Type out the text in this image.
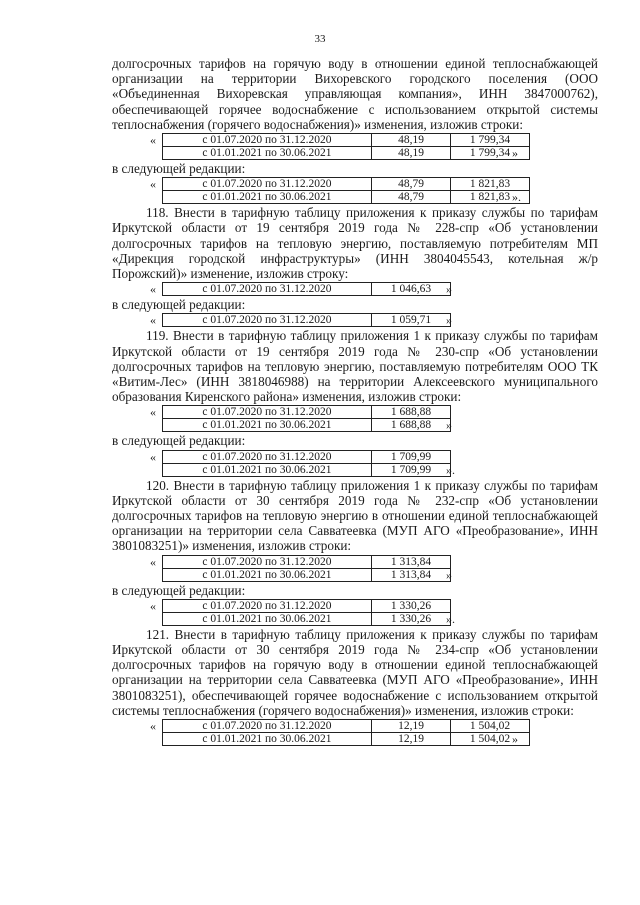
33

долгосрочных тарифов на горячую воду в отношении единой теплоснабжающей организации на территории Вихоревского городского поселения (ООО «Объединенная Вихоревская управляющая компания», ИНН 3847000762), обеспечивающей горячее водоснабжение с использованием открытой системы теплоснабжения (горячего водоснабжения)» изменения, изложив строки:

«	с 01.07.2020 по 31.12.2020	48,19	1 799,34
с 01.01.2021 по 30.06.2021	48,19	1 799,34 »

в следующей редакции:

«	с 01.07.2020 по 31.12.2020	48,79	1 821,83
с 01.01.2021 по 30.06.2021	48,79	1 821,83 ».

118. Внести в тарифную таблицу приложения к приказу службы по тарифам Иркутской области от 19 сентября 2019 года № 228-спр «Об установлении долгосрочных тарифов на тепловую энергию, поставляемую потребителям МП «Дирекция городской инфраструктуры» (ИНН 3804045543, котельная ж/р Порожский)» изменение, изложив строку:

«	с 01.07.2020 по 31.12.2020	1 046,63 »

в следующей редакции:

«	с 01.07.2020 по 31.12.2020	1 059,71 »

119. Внести в тарифную таблицу приложения 1 к приказу службы по тарифам Иркутской области от 19 сентября 2019 года № 230-спр «Об установлении долгосрочных тарифов на тепловую энергию, поставляемую потребителям ООО ТК «Витим-Лес» (ИНН 3818046988) на территории Алексеевского муниципального образования Киренского района» изменения, изложив строки:

«	с 01.07.2020 по 31.12.2020	1 688,88
с 01.01.2021 по 30.06.2021	1 688,88 »

в следующей редакции:

«	с 01.07.2020 по 31.12.2020	1 709,99
с 01.01.2021 по 30.06.2021	1 709,99 ».

120. Внести в тарифную таблицу приложения 1 к приказу службы по тарифам Иркутской области от 30 сентября 2019 года № 232-спр «Об установлении долгосрочных тарифов на тепловую энергию в отношении единой теплоснабжающей организации на территории села Савватеевка (МУП АГО «Преобразование», ИНН 3801083251)» изменения, изложив строки:

«	с 01.07.2020 по 31.12.2020	1 313,84
с 01.01.2021 по 30.06.2021	1 313,84 »

в следующей редакции:

«	с 01.07.2020 по 31.12.2020	1 330,26
с 01.01.2021 по 30.06.2021	1 330,26 ».

121. Внести в тарифную таблицу приложения к приказу службы по тарифам Иркутской области от 30 сентября 2019 года № 234-спр «Об установлении долгосрочных тарифов на горячую воду в отношении единой теплоснабжающей организации на территории села Савватеевка (МУП АГО «Преобразование», ИНН 3801083251), обеспечивающей горячее водоснабжение с использованием открытой системы теплоснабжения (горячего водоснабжения)» изменения, изложив строки:

«	с 01.07.2020 по 31.12.2020	12,19	1 504,02
с 01.01.2021 по 30.06.2021	12,19	1 504,02 »
